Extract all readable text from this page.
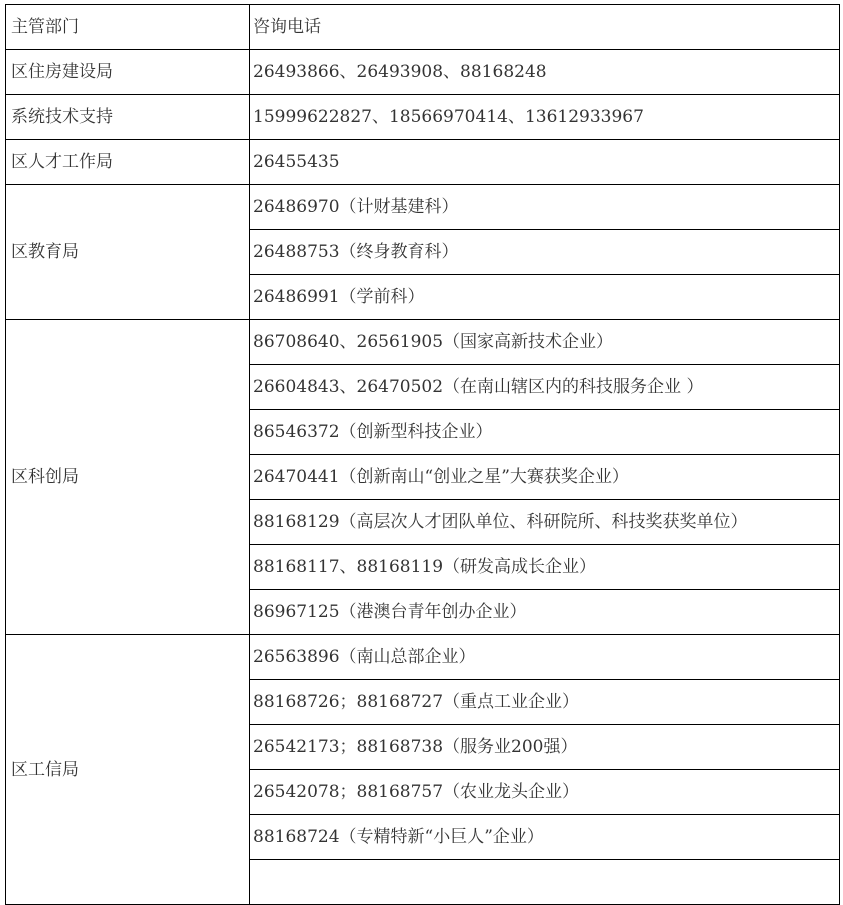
主管部门	咨询电话
区住房建设局	26493866、26493908、88168248
系统技术支持	15999622827、18566970414、13612933967
区人才工作局	26455435
区教育局	26486970（计财基建科）
	26488753（终身教育科）
	26486991（学前科）
区科创局	86708640、26561905（国家高新技术企业）
	26604843、26470502（在南山辖区内的科技服务企业 ）
	86546372（创新型科技企业）
	26470441（创新南山“创业之星”大赛获奖企业）
	88168129（高层次人才团队单位、科研院所、科技奖获奖单位）
	88168117、88168119（研发高成长企业）
	86967125（港澳台青年创办企业）
区工信局	26563896（南山总部企业）
	88168726；88168727（重点工业企业）
	26542173；88168738（服务业200强）
	26542078；88168757（农业龙头企业）
	88168724（专精特新“小巨人”企业）
